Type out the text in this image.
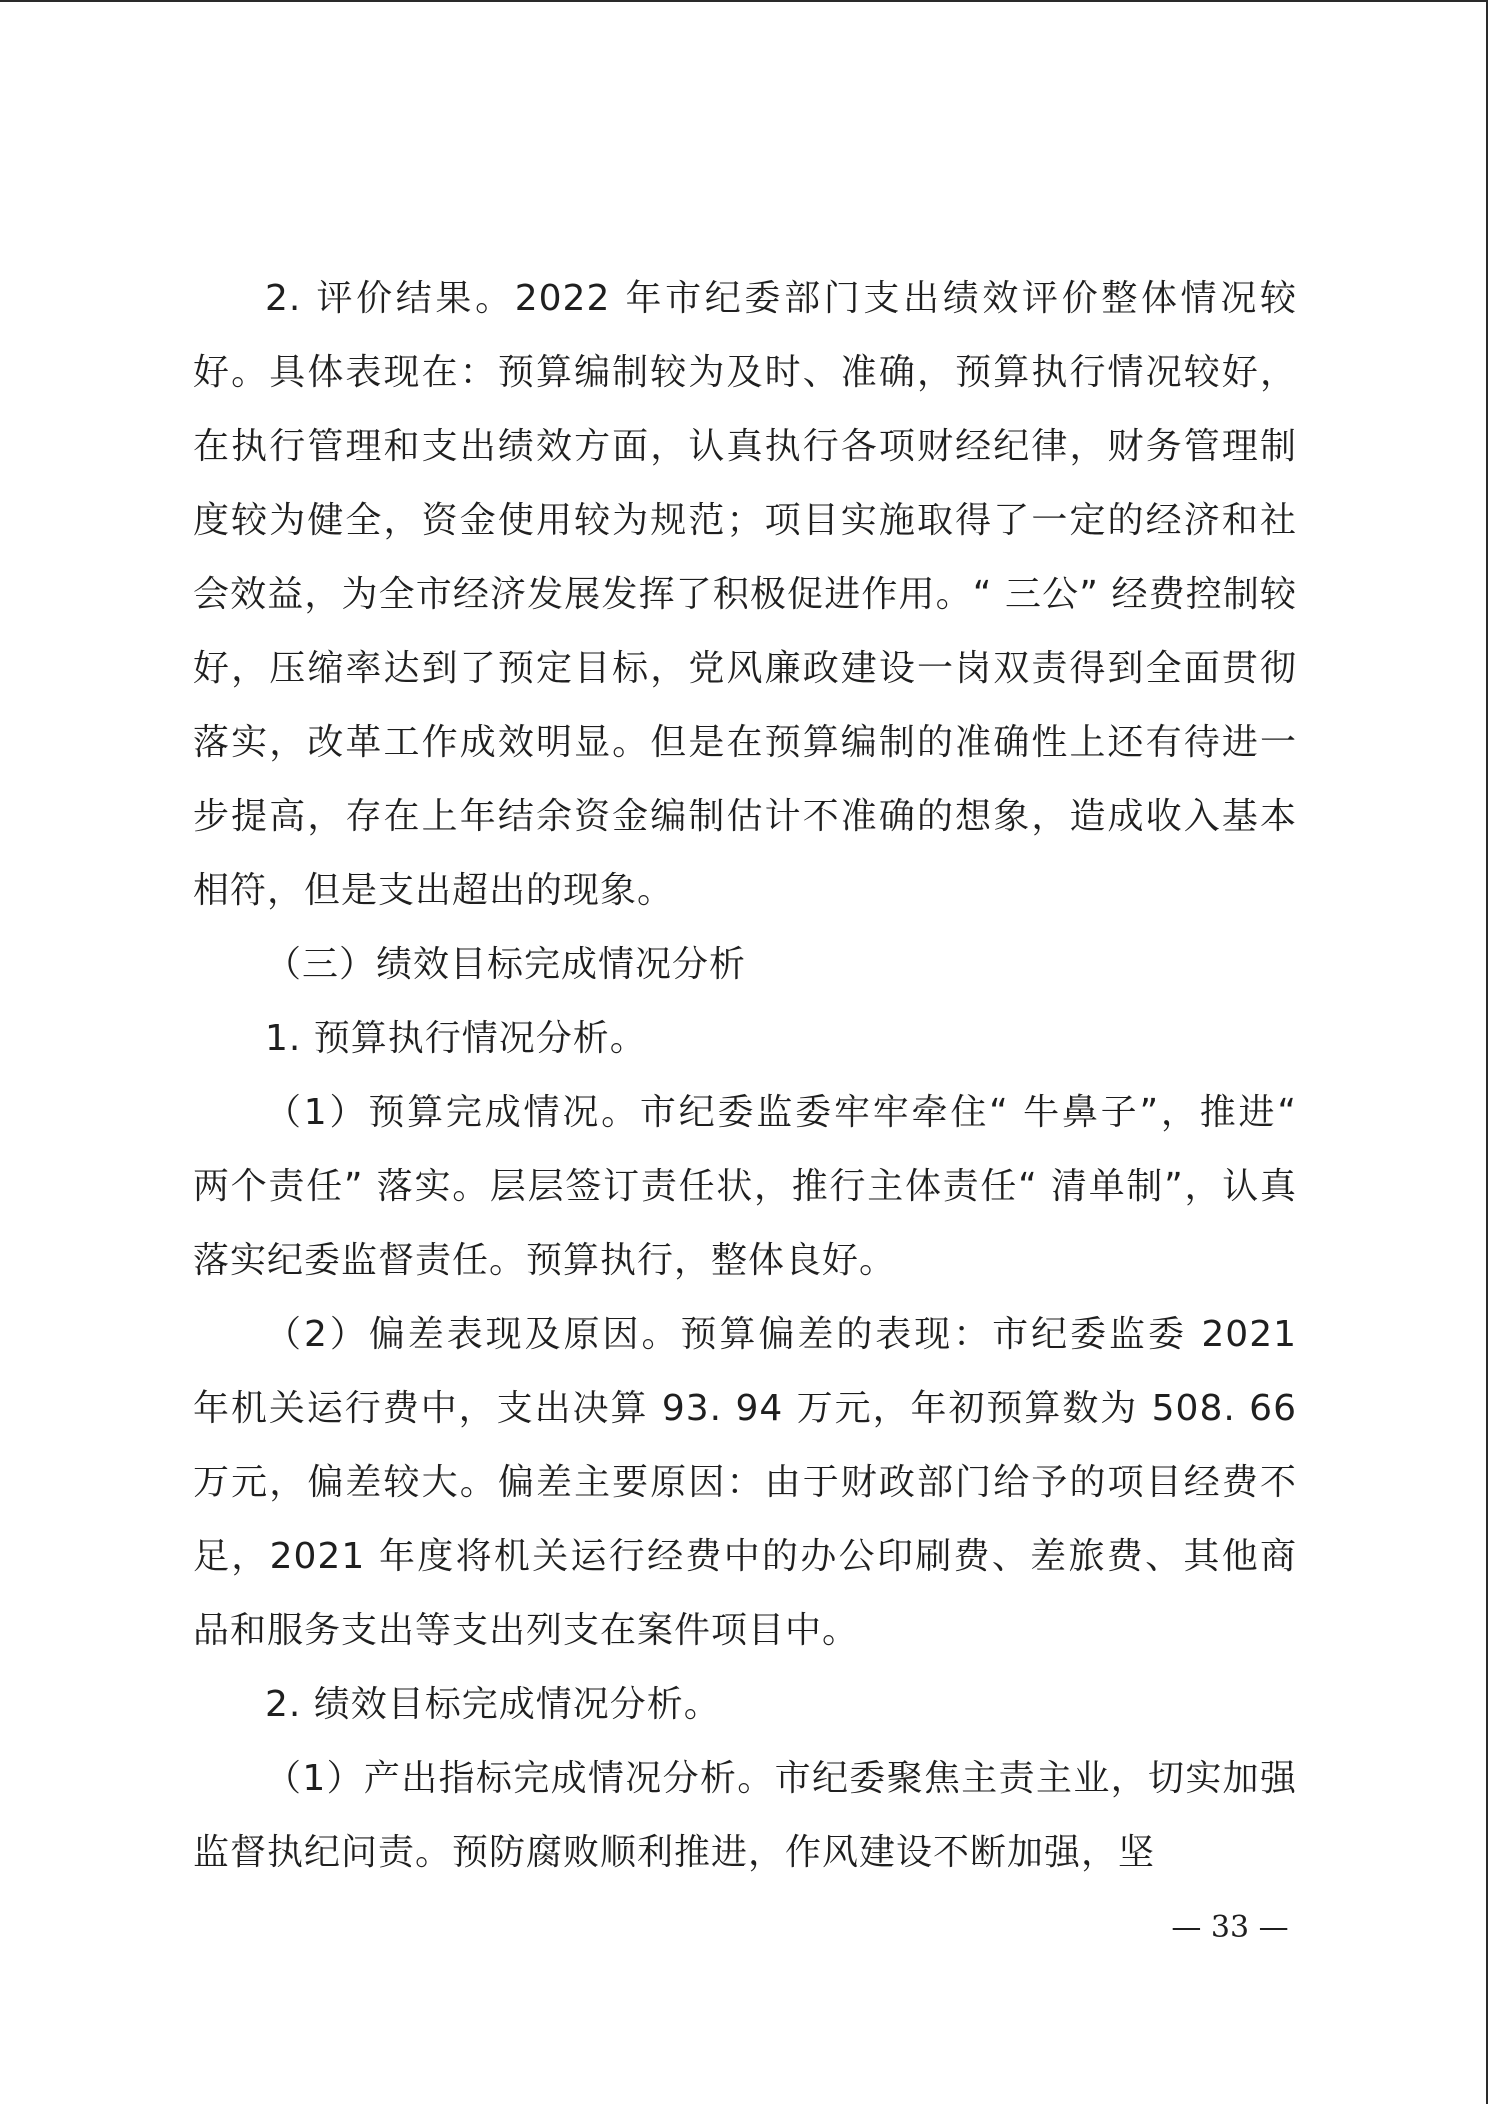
2. 评价结果。2022 年市纪委部门支出绩效评价整体情况较好。具体表现在：预算编制较为及时、准确，预算执行情况较好，在执行管理和支出绩效方面，认真执行各项财经纪律，财务管理制度较为健全，资金使用较为规范；项目实施取得了一定的经济和社会效益，为全市经济发展发挥了积极促进作用。“ 三公” 经费控制较好，压缩率达到了预定目标，党风廉政建设一岗双责得到全面贯彻落实，改革工作成效明显。但是在预算编制的准确性上还有待进一步提高，存在上年结余资金编制估计不准确的想象，造成收入基本相符，但是支出超出的现象。

（三）绩效目标完成情况分析

1. 预算执行情况分析。

（1）预算完成情况。市纪委监委牢牢牵住“ 牛鼻子”，推进“ 两个责任” 落实。层层签订责任状，推行主体责任“ 清单制”，认真落实纪委监督责任。预算执行，整体良好。

（2）偏差表现及原因。预算偏差的表现：市纪委监委 2021 年机关运行费中，支出决算 93. 94 万元，年初预算数为 508. 66 万元，偏差较大。偏差主要原因：由于财政部门给予的项目经费不足，2021 年度将机关运行经费中的办公印刷费、差旅费、其他商品和服务支出等支出列支在案件项目中。

2. 绩效目标完成情况分析。

（1）产出指标完成情况分析。市纪委聚焦主责主业，切实加强监督执纪问责。预防腐败顺利推进，作风建设不断加强，坚

— 33 —
